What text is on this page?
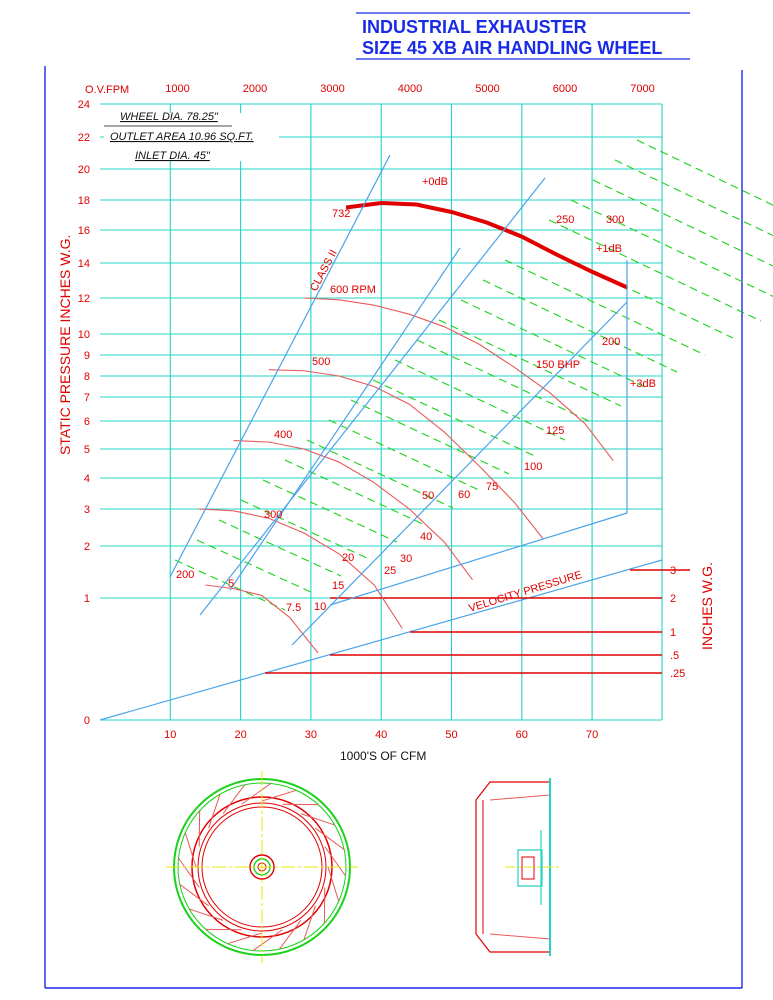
INDUSTRIAL EXHAUSTER
SIZE 45 XB AIR HANDLING WHEEL
0
1
2
3
4
5
6
7
8
9
10
12
14
16
18
20
22
24
10	20	30	40	50	60	70
1000	2000	3000	4000	5000	6000	7000
3
2
1
.5
.25
200
300
400
500
600 RPM
732
5
7.5 10
15
20
25
30
40
50 60
75
100
125
150 BHP
200
250	300
+0dB
+1dB
+3dB
CLASS II
VELOCITY PRESSURE
WHEEL DIA. 78.25"
OUTLET AREA 10.96 SQ.FT.
INLET DIA. 45"
1000'S OF CFM
O.V.FPM
STATIC PRESSURE INCHES W.G.
INCHES W.G.
